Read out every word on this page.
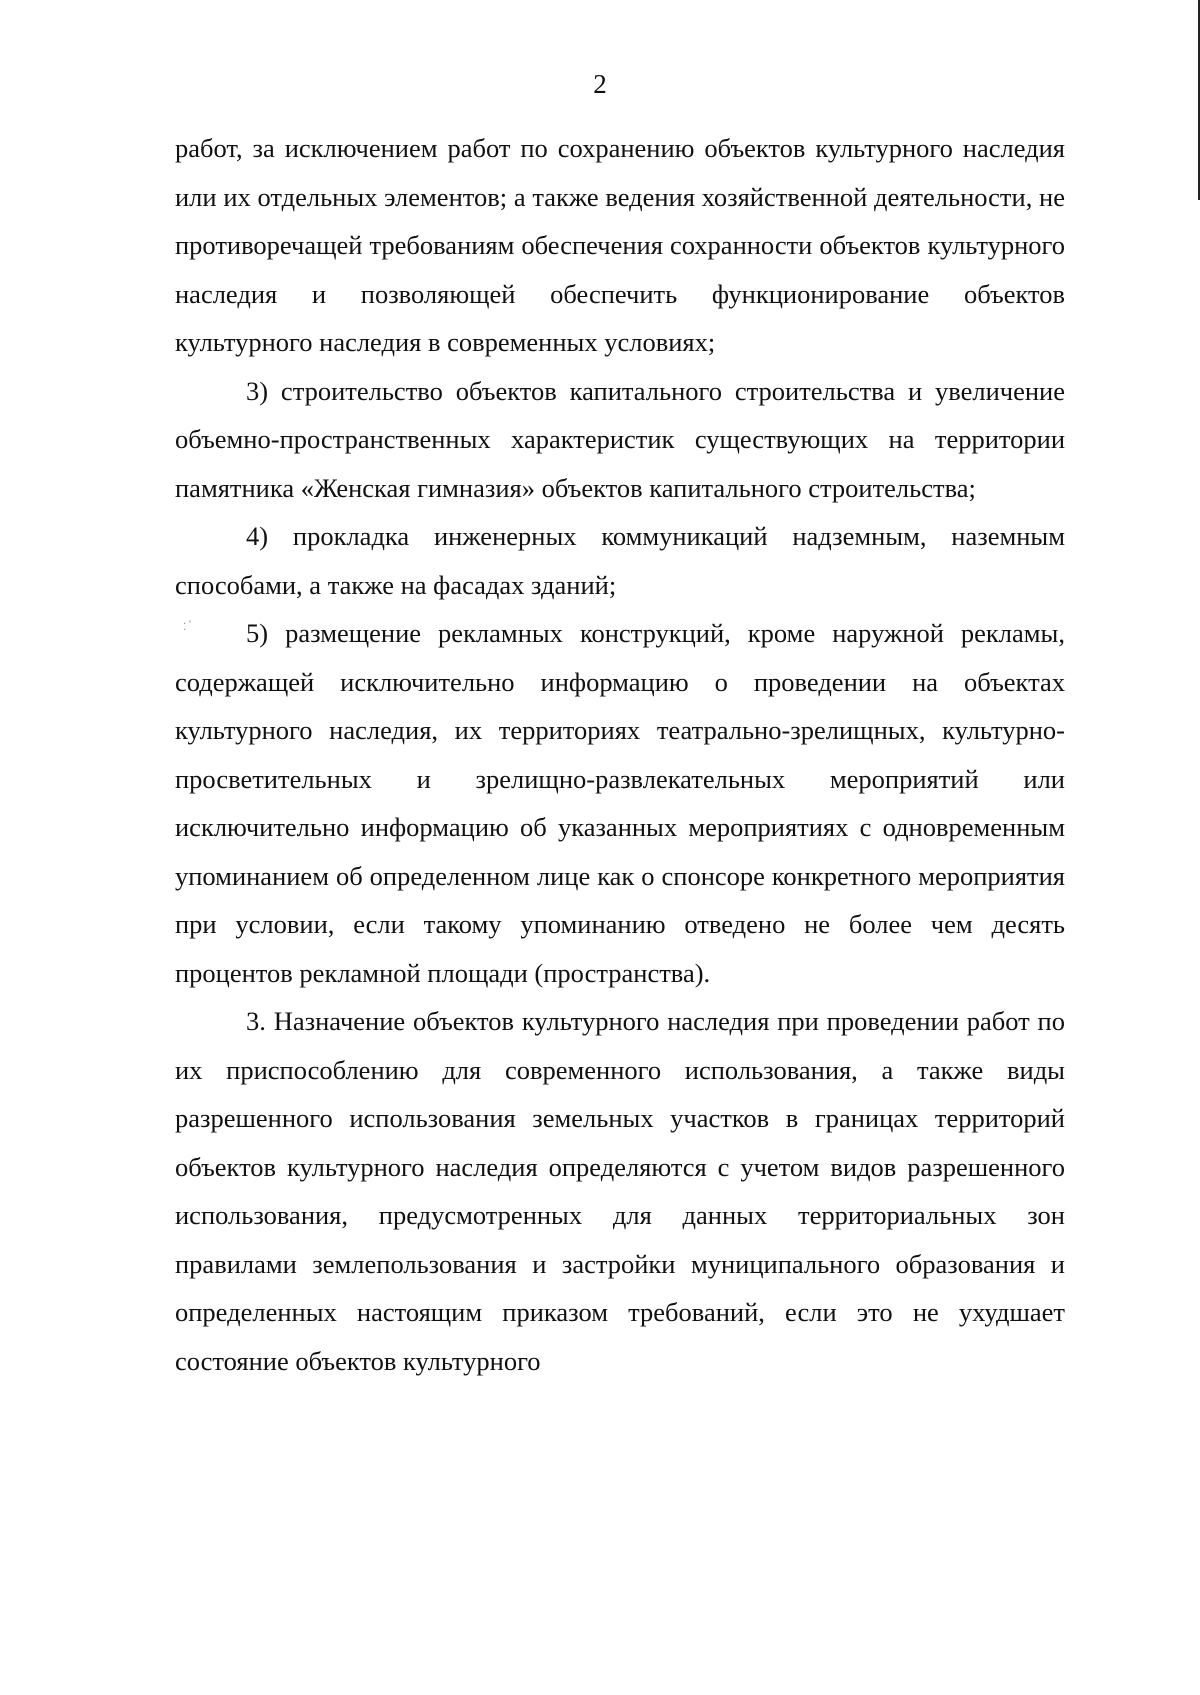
2
·‘ ·

работ, за исключением работ по сохранению объектов культурного наследия или их отдельных элементов; а также ведения хозяйственной деятельности, не противоречащей требованиям обеспечения сохранности объектов культурного наследия и позволяющей обеспечить функционирование объектов культурного наследия в современных условиях;

3) строительство объектов капитального строительства и увеличение объемно-пространственных характеристик существующих на территории памятника «Женская гимназия» объектов капитального строительства;

4) прокладка инженерных коммуникаций надземным, наземным способами, а также на фасадах зданий;

5) размещение рекламных конструкций, кроме наружной рекламы, содержащей исключительно информацию о проведении на объектах культурного наследия, их территориях театрально-зрелищных, культурно-просветительных и зрелищно-развлекательных мероприятий или исключительно информацию об указанных мероприятиях с одновременным упоминанием об определенном лице как о спонсоре конкретного мероприятия при условии, если такому упоминанию отведено не более чем десять процентов рекламной площади (пространства).

3. Назначение объектов культурного наследия при проведении работ по их приспособлению для современного использования, а также виды разрешенного использования земельных участков в границах территорий объектов культурного наследия определяются с учетом видов разрешенного использования, предусмотренных для данных территориальных зон правилами землепользования и застройки муниципального образования и определенных настоящим приказом требований, если это не ухудшает состояние объектов культурного
